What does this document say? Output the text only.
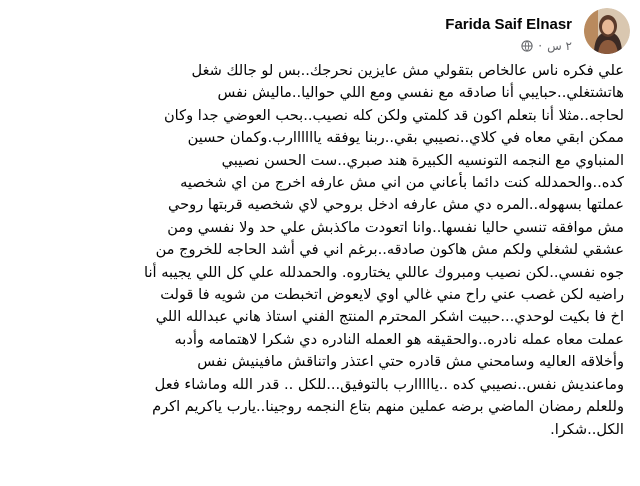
Farida Saif Elnasr
· ٢ س
علي فكره ناس عالخاص بتقولي مش عايزين نحرجك..بس لو جالك شغل
هاتشتغلي..حبايبي أنا صادقه مع نفسي ومع اللي حواليا..ماليش نفس
لحاجه..مثلا أنا بتعلم اكون قد كلمتي ولكن كله نصيب..بحب العوضي جدا وكان
ممكن ابقي معاه في كلاي..نصيبي بقي..ربنا يوفقه ياااااارب.وكمان حسين
المنباوي مع النجمه التونسيه الكبيرة هند صبري..ست الحسن نصيبي
كده..والحمدلله كنت دائما بأعاني من اني مش عارفه اخرج من اي شخصيه
عملتها بسهوله..المره دي مش عارفه ادخل بروحي لاي شخصيه قربتها روحي
مش موافقه تنسي حاليا نفسها..وانا اتعودت ماكذبش علي حد ولا نفسي ومن
عشقي لشغلي ولكم مش هاكون صادقه..برغم اني في أشد الحاجه للخروج من
جوه نفسي..لكن نصيب ومبروك عاللي يختاروه. والحمدلله علي كل اللي يجيبه أنا
راضيه لكن غصب عني راح مني غالي اوي لايعوض اتخبطت من شويه فا قولت
اخ فا بكيت لوحدي...حبيت اشكر المحترم المنتج الفني استاذ هاني عبدالله اللي
عملت معاه عمله نادره..والحقيقه هو العمله النادره دي شكرا لاهتمامه وأدبه
وأخلاقه العاليه وسامحني مش قادره حتي اعتذر واتناقش مافينيش نفس
وماعنديش نفس..نصيبي كده ..يااااارب بالتوفيق...للكل .. قدر الله وماشاء فعل
وللعلم رمضان الماضي برضه عملين منهم بتاع النجمه روجينا..يارب ياكريم اكرم
الكل..شكرا.
